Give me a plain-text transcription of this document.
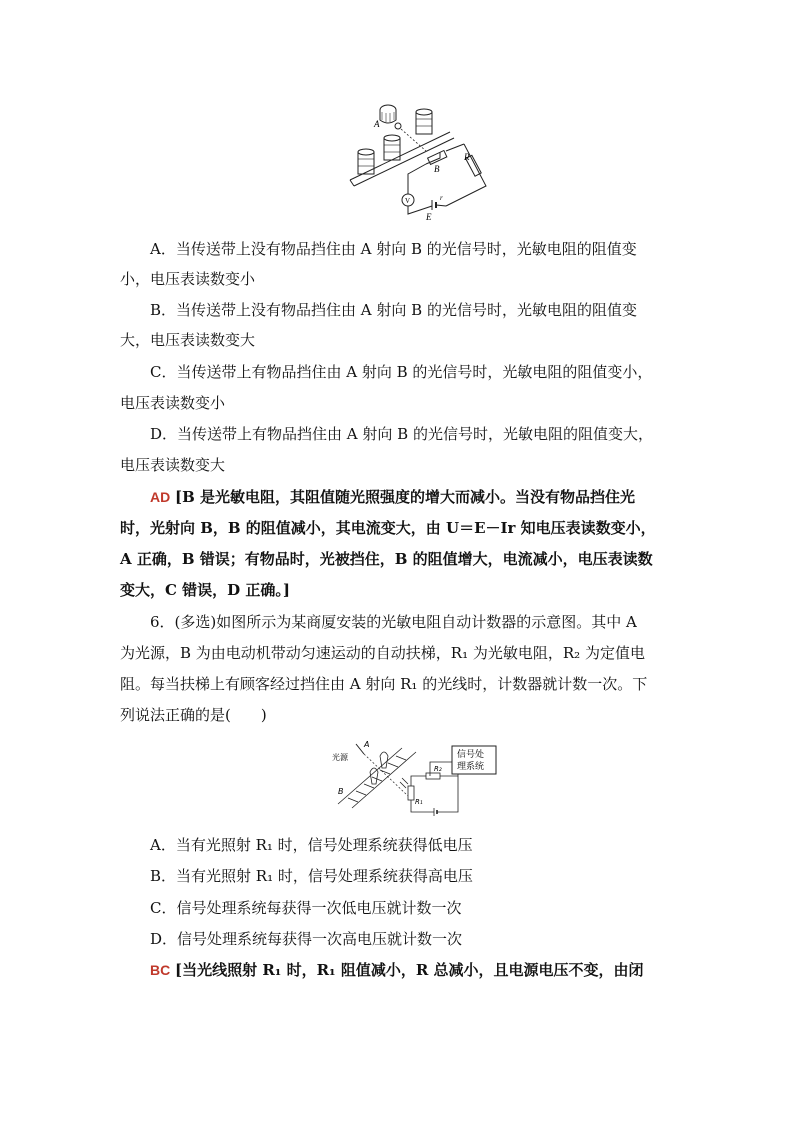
A
B
R
V	r
E
A．当传送带上没有物品挡住由 A 射向 B 的光信号时，光敏电阻的阻值变
小，电压表读数变小
B．当传送带上没有物品挡住由 A 射向 B 的光信号时，光敏电阻的阻值变
大，电压表读数变大
C．当传送带上有物品挡住由 A 射向 B 的光信号时，光敏电阻的阻值变小，
电压表读数变小
D．当传送带上有物品挡住由 A 射向 B 的光信号时，光敏电阻的阻值变大，
电压表读数变大
AD [B 是光敏电阻，其阻值随光照强度的增大而减小。当没有物品挡住光
时，光射向 B，B 的阻值减小，其电流变大，由 U＝E－Ir 知电压表读数变小，
A 正确，B 错误；有物品时，光被挡住，B 的阻值增大，电流减小，电压表读数
变大，C 错误，D 正确。]
6．(多选)如图所示为某商厦安装的光敏电阻自动计数器的示意图。其中 A
为光源，B 为由电动机带动匀速运动的自动扶梯，R₁ 为光敏电阻，R₂ 为定值电
阻。每当扶梯上有顾客经过挡住由 A 射向 R₁ 的光线时，计数器就计数一次。下
列说法正确的是(　　)
A
光源
B
R₁
R₂
信号处
理系统
A．当有光照射 R₁ 时，信号处理系统获得低电压
B．当有光照射 R₁ 时，信号处理系统获得高电压
C．信号处理系统每获得一次低电压就计数一次
D．信号处理系统每获得一次高电压就计数一次
BC [当光线照射 R₁ 时，R₁ 阻值减小，R 总减小，且电源电压不变，由闭
